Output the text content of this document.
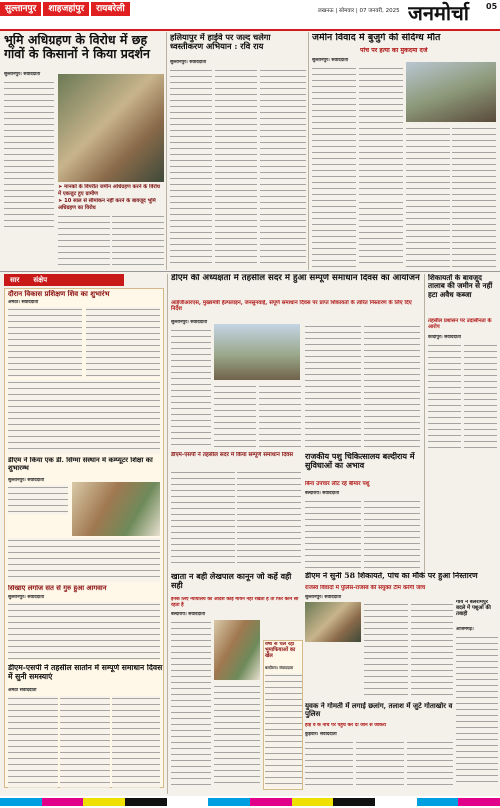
सुल्तानपुर	शाहजहांपुर	रायबरेली	लखनऊ | सोमवार | 07 जनवरी, 2025 जनमोर्चा	05
भूमि अधिग्रहण के विरोध में छह गांवों के किसानों ने किया प्रदर्शन
सुल्तानपुर। संवाददाता
➤ मानकों के विपरीत जमीन अधिग्रहण करने के विरोध में एकजुट हुए ग्रामीण
➤ 10 साल से सीमांकन नहीं करने के बावजूद भूमि अधिग्रहण का विरोध
हलियापुर में हाईवे पर जल्द चलेगा ध्वस्तीकरण अभियान : रवि राय
सुल्तानपुर। संवाददाता
जमीन विवाद में बुजुर्ग की संदिग्ध मौत
पांच पर हत्या का मुकदमा दर्ज
सुल्तानपुर। संवाददाता
सार संक्षेप
दौरान विकास प्रशिक्षण शिव का शुभारंभ
अमेठी। संवाददाता
डीएम ने किया एक डी. सिग्मा संस्थान में कम्प्यूटर शिक्षा का शुभारम्भ
सुल्तानपुर। संवाददाता
सिखाएं लंगोज संत से गुरु हुआ आगवान
सुल्तानपुर। संवाददाता
डीएम-एसपी ने तहसील सातोन में सम्पूर्ण समाधान दिवस में सुनी समस्याएं
अमेठी संवाददाता
डीएम की अध्यक्षता में तहसील सदर में हुआ सम्पूर्ण समाधान दिवस का आयोजन
आईजीआरएस, मुख्यमंत्री हेल्पलाइन, जनसुनवाई, संपूर्ण समाधान दिवस पर प्राप्त शिकायतों के त्वरित निस्तारण के लिए दिए निर्देश
सुल्तानपुर। संवाददाता
डीएम-एसपी ने तहसील सदर में किया सम्पूर्ण समाधान दिवस	राजकीय पशु चिकित्सालय बल्दीराय में सुविधाओं का अभाव
बिना उपचार लौट रहे बीमार पशु
बल्दीराय। संवाददाता
शिकायतों के बावजूद तालाब की जमीन से नहीं हटा अवैध कब्जा
तहसील प्रशासन पर उदासीनता के आरोप
कादीपुर। संवाददाता
डीएम ने सुनीं 58 शिकायतें, पांच का मौके पर हुआ निस्तारण
राजस्व विवादों में पुलिस-राजस्व की संयुक्त टीम करेगी जांच
सुल्तानपुर। संवाददाता
गाय ने बलरामपुर बदले में पशुओं की तबाही
आजमगढ़।
खाता न बही लेखपाल कानून जो कहें वही सही
इनके लिए न्यायालय का आदेश कोई मायने नहीं रखता है तो फिर कौन सा रहता है
बल्दीराय। संवाददाता
वर्षों से चल रहा भूमाफियाओं का खेल
बल्दीराय। संवाददाता
युवक ने गोमती में लगाई छलांग, तलाश में जुटे गोताखोर व पुलिस
हाई वे के नीचे पर पहुंच कर दी जान से जाकरी
कुड़वार। संवाददाता
